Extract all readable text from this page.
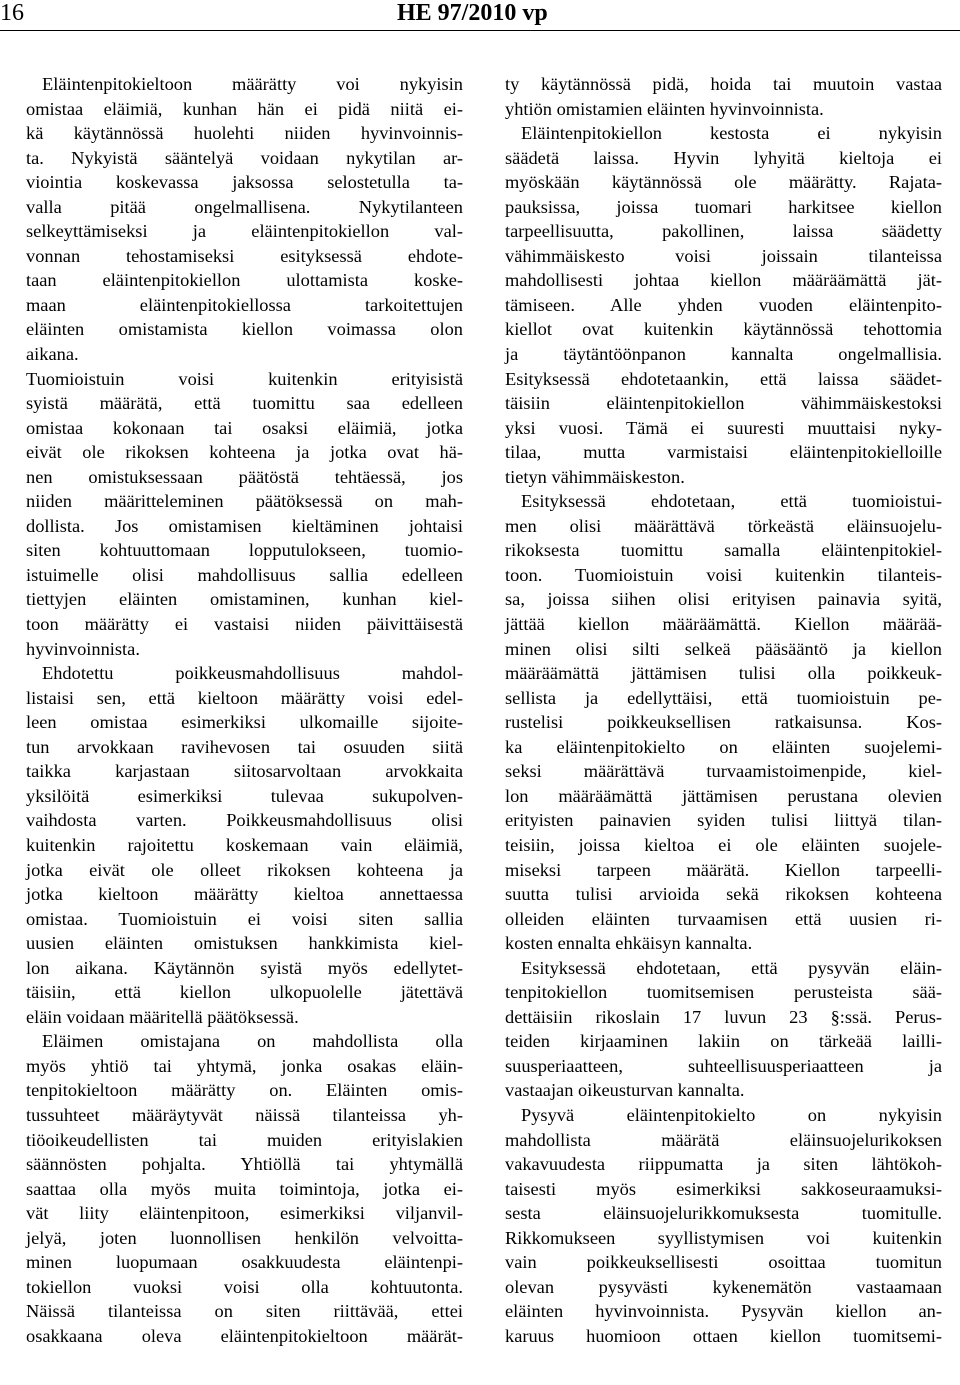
16	HE 97/2010 vp
Eläintenpitokieltoon määrätty voi nykyisin
omistaa eläimiä, kunhan hän ei pidä niitä ei-
kä käytännössä huolehti niiden hyvinvoinnis-
ta. Nykyistä sääntelyä voidaan nykytilan ar-
viointia koskevassa jaksossa selostetulla ta-
valla pitää ongelmallisena. Nykytilanteen
selkeyttämiseksi ja eläintenpitokiellon val-
vonnan tehostamiseksi esityksessä ehdote-
taan eläintenpitokiellon ulottamista koske-
maan eläintenpitokiellossa tarkoitettujen
eläinten omistamista kiellon voimassa olon
aikana.
Tuomioistuin voisi kuitenkin erityisistä
syistä määrätä, että tuomittu saa edelleen
omistaa kokonaan tai osaksi eläimiä, jotka
eivät ole rikoksen kohteena ja jotka ovat hä-
nen omistuksessaan päätöstä tehtäessä, jos
niiden määritteleminen päätöksessä on mah-
dollista. Jos omistamisen kieltäminen johtaisi
siten kohtuuttomaan lopputulokseen, tuomio-
istuimelle olisi mahdollisuus sallia edelleen
tiettyjen eläinten omistaminen, kunhan kiel-
toon määrätty ei vastaisi niiden päivittäisestä
hyvinvoinnista.
Ehdotettu poikkeusmahdollisuus mahdol-
listaisi sen, että kieltoon määrätty voisi edel-
leen omistaa esimerkiksi ulkomaille sijoite-
tun arvokkaan ravihevosen tai osuuden siitä
taikka karjastaan siitosarvoltaan arvokkaita
yksilöitä esimerkiksi tulevaa sukupolven-
vaihdosta varten. Poikkeusmahdollisuus olisi
kuitenkin rajoitettu koskemaan vain eläimiä,
jotka eivät ole olleet rikoksen kohteena ja
jotka kieltoon määrätty kieltoa annettaessa
omistaa. Tuomioistuin ei voisi siten sallia
uusien eläinten omistuksen hankkimista kiel-
lon aikana. Käytännön syistä myös edellytet-
täisiin, että kiellon ulkopuolelle jätettävä
eläin voidaan määritellä päätöksessä.
Eläimen omistajana on mahdollista olla
myös yhtiö tai yhtymä, jonka osakas eläin-
tenpitokieltoon määrätty on. Eläinten omis-
tussuhteet määräytyvät näissä tilanteissa yh-
tiöoikeudellisten tai muiden erityislakien
säännösten pohjalta. Yhtiöllä tai yhtymällä
saattaa olla myös muita toimintoja, jotka ei-
vät liity eläintenpitoon, esimerkiksi viljanvil-
jelyä, joten luonnollisen henkilön velvoitta-
minen luopumaan osakkuudesta eläintenpi-
tokiellon vuoksi voisi olla kohtuutonta.
Näissä tilanteissa on siten riittävää, ettei
osakkaana oleva eläintenpitokieltoon määrät-
ty käytännössä pidä, hoida tai muutoin vastaa
yhtiön omistamien eläinten hyvinvoinnista.
Eläintenpitokiellon kestosta ei nykyisin
säädetä laissa. Hyvin lyhyitä kieltoja ei
myöskään käytännössä ole määrätty. Rajata-
pauksissa, joissa tuomari harkitsee kiellon
tarpeellisuutta, pakollinen, laissa säädetty
vähimmäiskesto voisi joissain tilanteissa
mahdollisesti johtaa kiellon määräämättä jät-
tämiseen. Alle yhden vuoden eläintenpito-
kiellot ovat kuitenkin käytännössä tehottomia
ja täytäntöönpanon kannalta ongelmallisia.
Esityksessä ehdotetaankin, että laissa säädet-
täisiin eläintenpitokiellon vähimmäiskestoksi
yksi vuosi. Tämä ei suuresti muuttaisi nyky-
tilaa, mutta varmistaisi eläintenpitokielloille
tietyn vähimmäiskeston.
Esityksessä ehdotetaan, että tuomioistui-
men olisi määrättävä törkeästä eläinsuojelu-
rikoksesta tuomittu samalla eläintenpitokiel-
toon. Tuomioistuin voisi kuitenkin tilanteis-
sa, joissa siihen olisi erityisen painavia syitä,
jättää kiellon määräämättä. Kiellon määrää-
minen olisi silti selkeä pääsääntö ja kiellon
määräämättä jättämisen tulisi olla poikkeuk-
sellista ja edellyttäisi, että tuomioistuin pe-
rustelisi poikkeuksellisen ratkaisunsa. Kos-
ka eläintenpitokielto on eläinten suojelemi-
seksi määrättävä turvaamistoimenpide, kiel-
lon määräämättä jättämisen perustana olevien
erityisten painavien syiden tulisi liittyä tilan-
teisiin, joissa kieltoa ei ole eläinten suojele-
miseksi tarpeen määrätä. Kiellon tarpeelli-
suutta tulisi arvioida sekä rikoksen kohteena
olleiden eläinten turvaamisen että uusien ri-
kosten ennalta ehkäisyn kannalta.
Esityksessä ehdotetaan, että pysyvän eläin-
tenpitokiellon tuomitsemisen perusteista sää-
dettäisiin rikoslain 17 luvun 23 §:ssä. Perus-
teiden kirjaaminen lakiin on tärkeää lailli-
suusperiaatteen, suhteellisuusperiaatteen ja
vastaajan oikeusturvan kannalta.
Pysyvä eläintenpitokielto on nykyisin
mahdollista määrätä eläinsuojelurikoksen
vakavuudesta riippumatta ja siten lähtökoh-
taisesti myös esimerkiksi sakkoseuraamuksi-
sesta eläinsuojelurikkomuksesta tuomitulle.
Rikkomukseen syyllistymisen voi kuitenkin
vain poikkeuksellisesti osoittaa tuomitun
olevan pysyvästi kykenemätön vastaamaan
eläinten hyvinvoinnista. Pysyvän kiellon an-
karuus huomioon ottaen kiellon tuomitsemi-
